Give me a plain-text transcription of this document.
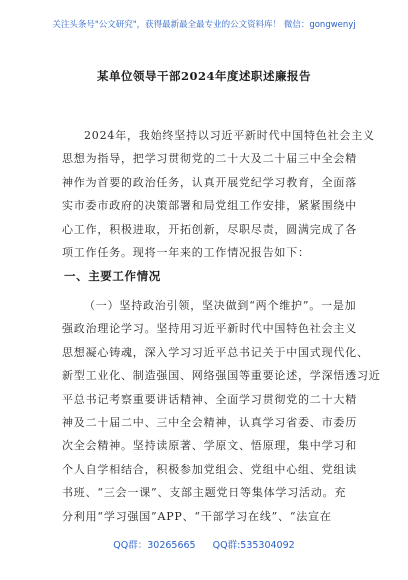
关注头条号"公文研究"，获得最新最全最专业的公文资料库！ 微信：gongwenyj
某单位领导干部2024年度述职述廉报告
2024年，我始终坚持以习近平新时代中国特色社会主义
思想为指导，把学习贯彻党的二十大及二十届三中全会精
神作为首要的政治任务，认真开展党纪学习教育，全面落
实市委市政府的决策部署和局党组工作安排，紧紧围绕中
心工作，积极进取，开拓创新，尽职尽责，圆满完成了各
项工作任务。现将一年来的工作情况报告如下：
一、主要工作情况
（一）坚持政治引领，坚决做到“两个维护”。一是加
强政治理论学习。坚持用习近平新时代中国特色社会主义
思想凝心铸魂，深入学习习近平总书记关于中国式现代化、
新型工业化、制造强国、网络强国等重要论述，学深悟透习近
平总书记考察重要讲话精神、全面学习贯彻党的二十大精
神及二十届二中、三中全会精神，认真学习省委、市委历
次全会精神。坚持读原著、学原文、悟原理，集中学习和
个人自学相结合，积极参加党组会、党组中心组、党组读
书班、“三会一课”、支部主题党日等集体学习活动。充
分利用“学习强国”APP、“干部学习在线”、“法宣在
QQ群：30265665 QQ群:535304092
